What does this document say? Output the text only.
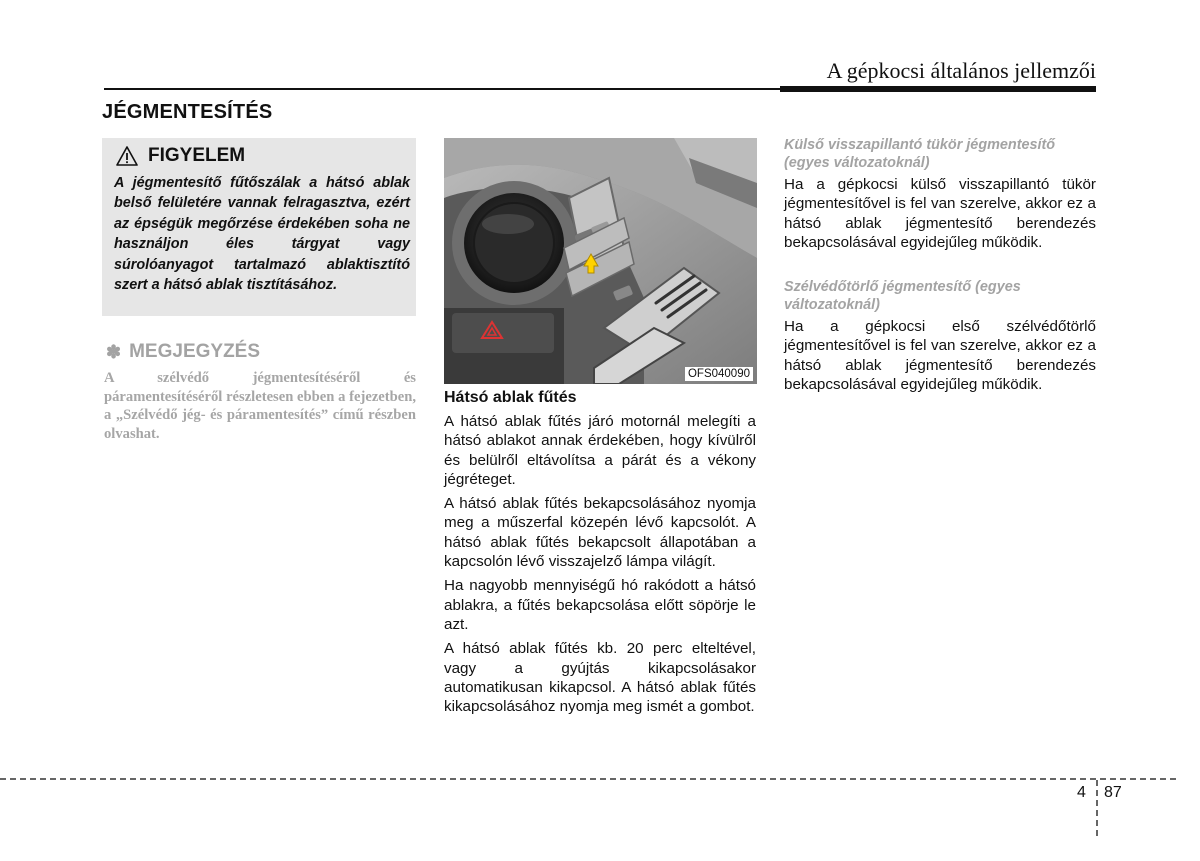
A gépkocsi általános jellemzői
JÉGMENTESÍTÉS
FIGYELEM
A jégmentesítő fűtőszálak a hátsó ablak belső felületére vannak felragasztva, ezért az épségük megőrzése érdekében soha ne használjon éles tárgyat vagy súrolóanyagot tartalmazó ablaktisztító szert a hátsó ablak tisztításához.
✽ MEGJEGYZÉS
A szélvédő jégmentesítéséről és páramentesítéséről részletesen ebben a fejezetben, a „Szélvédő jég- és páramentesítés” című részben olvashat.
OFS040090
Hátsó ablak fűtés

A hátsó ablak fűtés járó motornál melegíti a hátsó ablakot annak érdekében, hogy kívülről és belülről eltávolítsa a párát és a vékony jégréteget.

A hátsó ablak fűtés bekapcsolásához nyomja meg a műszerfal közepén lévő kapcsolót. A hátsó ablak fűtés bekapcsolt állapotában a kapcsolón lévő visszajelző lámpa világít.

Ha nagyobb mennyiségű hó rakódott a hátsó ablakra, a fűtés bekapcsolása előtt söpörje le azt.

A hátsó ablak fűtés kb. 20 perc elteltével, vagy a gyújtás kikapcsolásakor automatikusan kikapcsol. A hátsó ablak fűtés kikapcsolásához nyomja meg ismét a gombot.

Külső visszapillantó tükör jégmentesítő (egyes változatoknál)

Ha a gépkocsi külső visszapillantó tükör jégmentesítővel is fel van szerelve, akkor ez a hátsó ablak jégmentesítő berendezés bekapcsolásával egyidejűleg működik.

Szélvédőtörlő jégmentesítő (egyes változatoknál)

Ha a gépkocsi első szélvédőtörlő jégmentesítővel is fel van szerelve, akkor ez a hátsó ablak jégmentesítő berendezés bekapcsolásával egyidejűleg működik.

4 87
